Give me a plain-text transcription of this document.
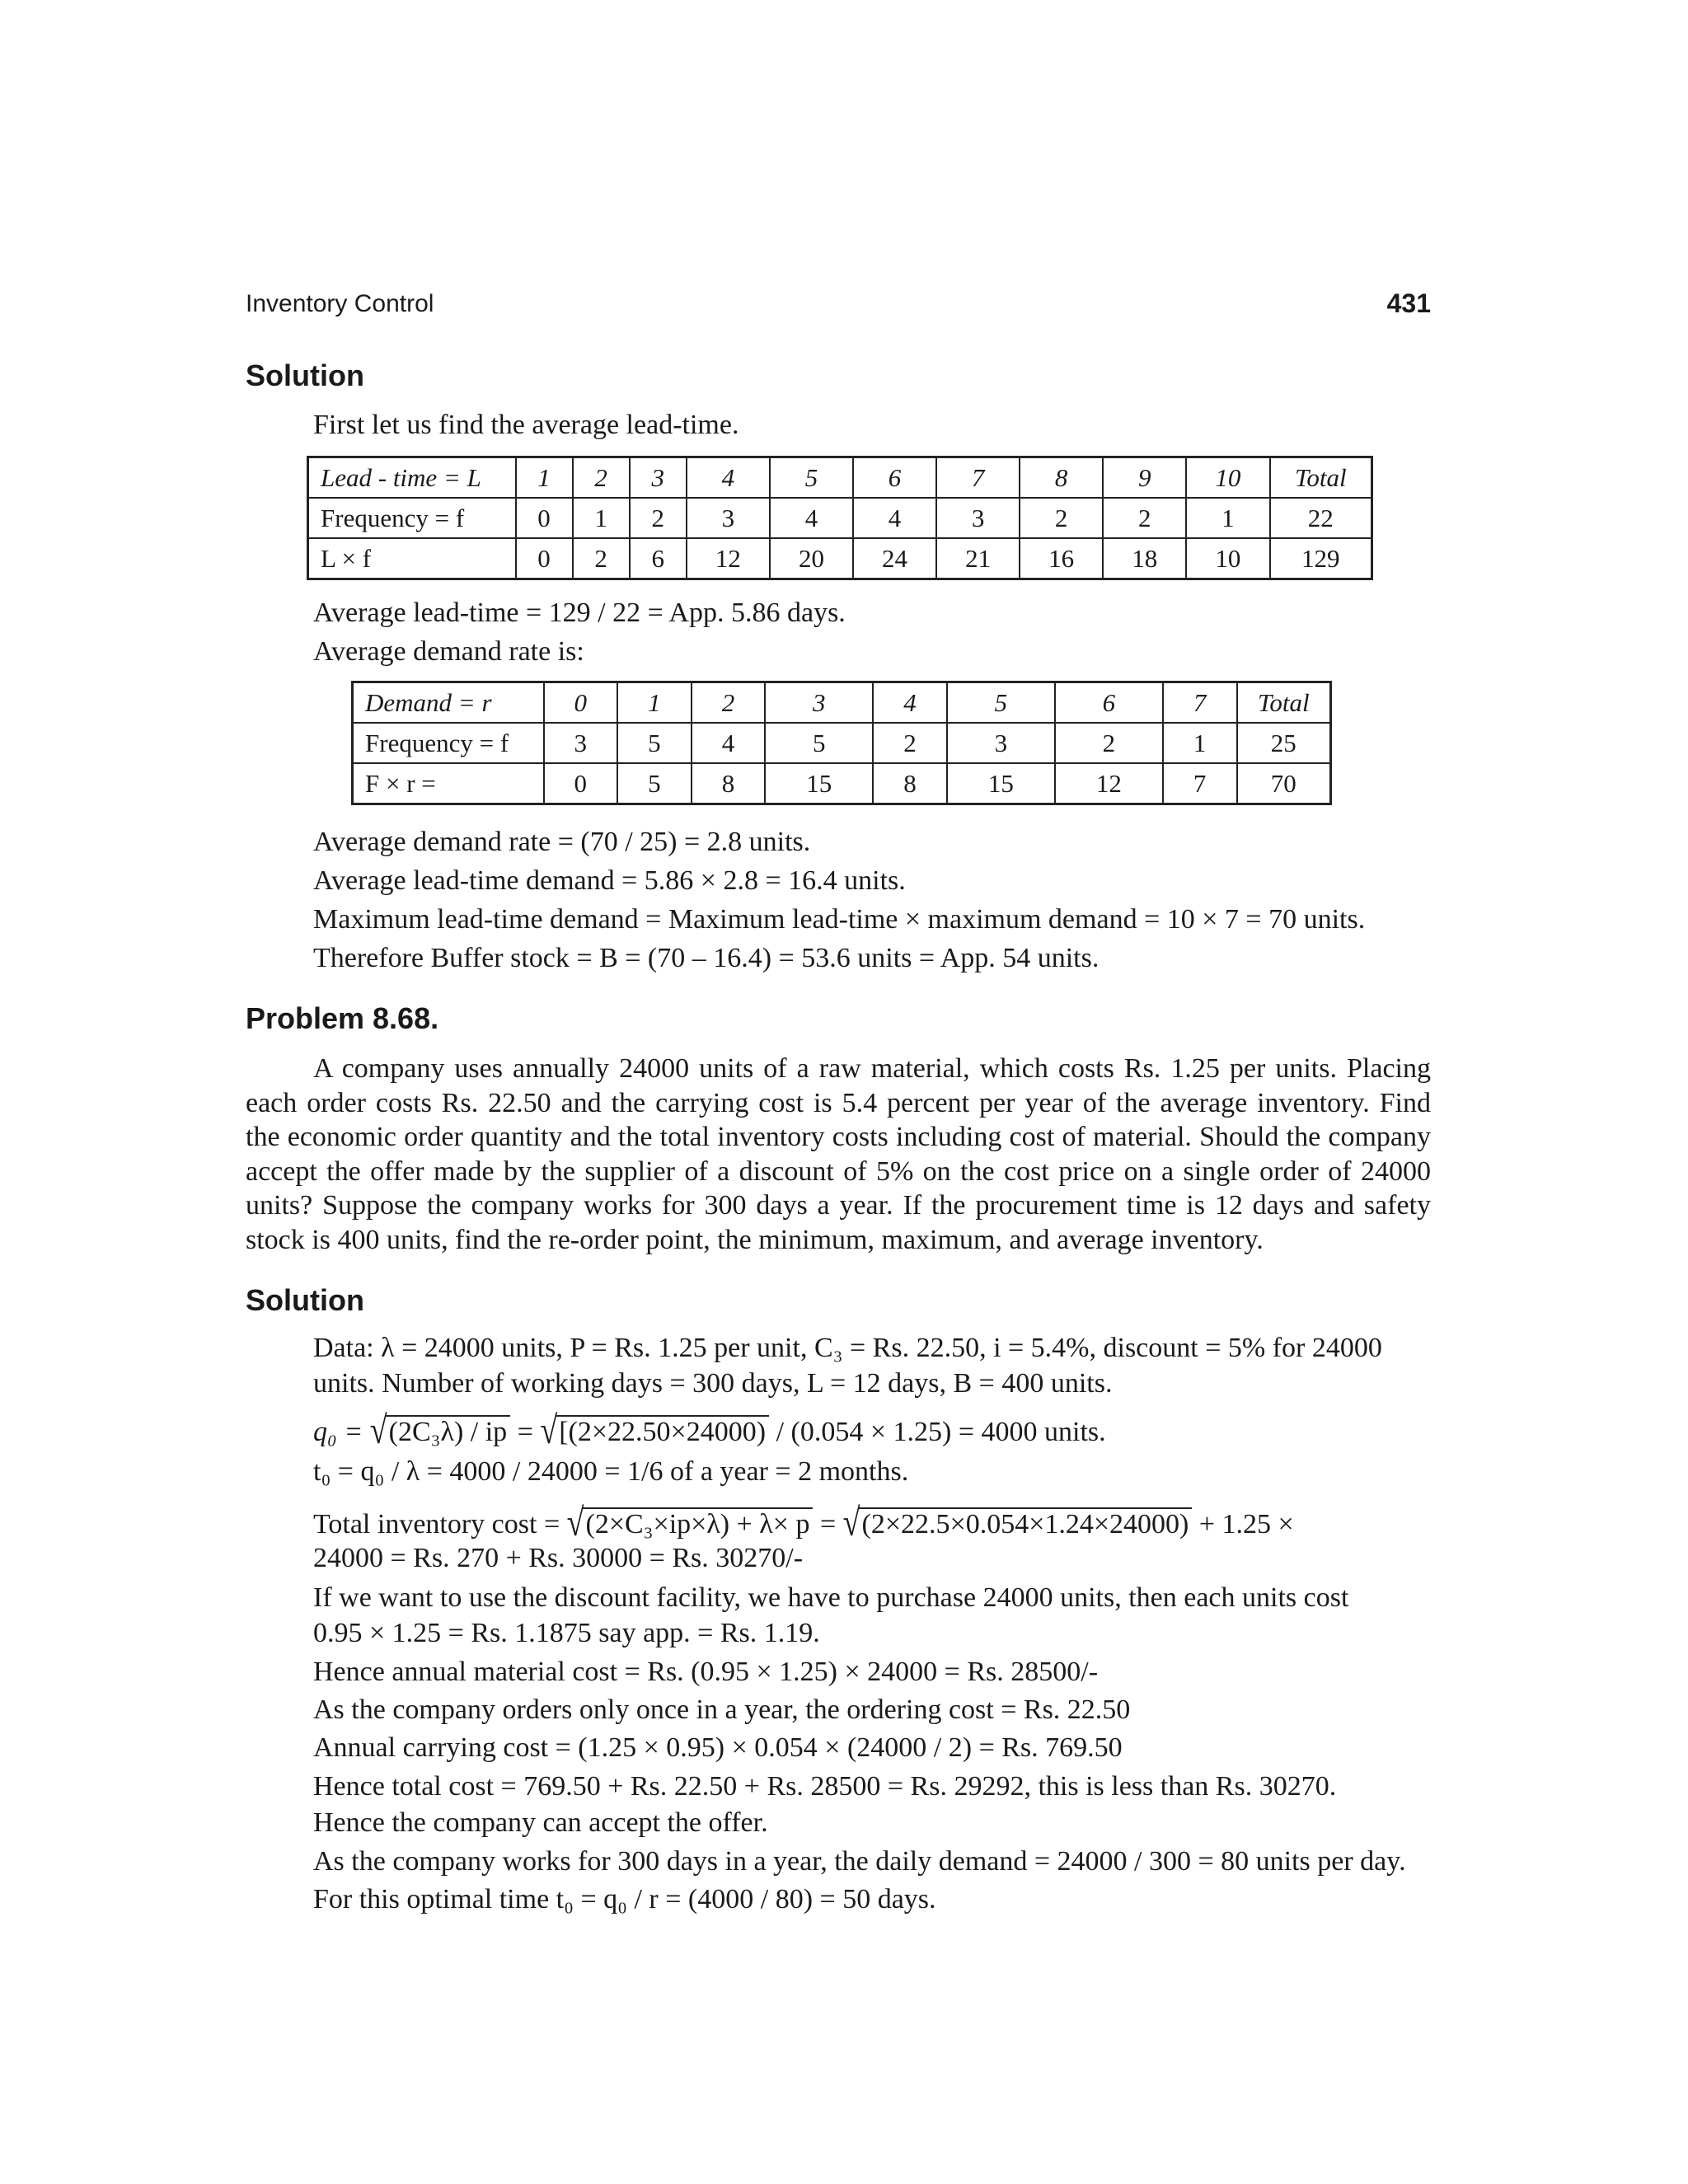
Inventory Control	431
Solution
First let us find the average lead-time.
Lead - time = L	1	2	3	4	5	6	7	8	9	10	Total
Frequency = f	0	1	2	3	4	4	3	2	2	1	22
L × f	0	2	6	12	20	24	21	16	18	10	129
Average lead-time = 129 / 22 = App. 5.86 days.
Average demand rate is:
Demand = r	0	1	2	3	4	5	6	7	Total
Frequency = f	3	5	4	5	2	3	2	1	25
F × r =	0	5	8	15	8	15	12	7	70
Average demand rate = (70 / 25) = 2.8 units.
Average lead-time demand = 5.86 × 2.8 = 16.4 units.
Maximum lead-time demand = Maximum lead-time × maximum demand = 10 × 7 = 70 units.
Therefore Buffer stock = B = (70 – 16.4) = 53.6 units = App. 54 units.
Problem 8.68.
A company uses annually 24000 units of a raw material, which costs Rs. 1.25 per units. Placing
each order costs Rs. 22.50 and the carrying cost is 5.4 percent per year of the average inventory. Find
the economic order quantity and the total inventory costs including cost of material. Should the company
accept the offer made by the supplier of a discount of 5% on the cost price on a single order of 24000
units? Suppose the company works for 300 days a year. If the procurement time is 12 days and safety
stock is 400 units, find the re-order point, the minimum, maximum, and average inventory.
Solution
Data: λ = 24000 units, P = Rs. 1.25 per unit, C₃ = Rs. 22.50, i = 5.4%, discount = 5% for 24000
units. Number of working days = 300 days, L = 12 days, B = 400 units.
q₀ = √(2C₃λ) / ip = √[(2×22.50×24000) / (0.054 × 1.25) = 4000 units.
t₀ = q₀ / λ = 4000 / 24000 = 1/6 of a year = 2 months.
Total inventory cost = √(2×C₃×ip×λ) + λ× p = √(2×22.5×0.054×1.24×24000) + 1.25 ×
24000 = Rs. 270 + Rs. 30000 = Rs. 30270/-
If we want to use the discount facility, we have to purchase 24000 units, then each units cost
0.95 × 1.25 = Rs. 1.1875 say app. = Rs. 1.19.
Hence annual material cost = Rs. (0.95 × 1.25) × 24000 = Rs. 28500/-
As the company orders only once in a year, the ordering cost = Rs. 22.50
Annual carrying cost = (1.25 × 0.95) × 0.054 × (24000 / 2) = Rs. 769.50
Hence total cost = 769.50 + Rs. 22.50 + Rs. 28500 = Rs. 29292, this is less than Rs. 30270.
Hence the company can accept the offer.
As the company works for 300 days in a year, the daily demand = 24000 / 300 = 80 units per day.
For this optimal time t₀ = q₀ / r = (4000 / 80) = 50 days.
